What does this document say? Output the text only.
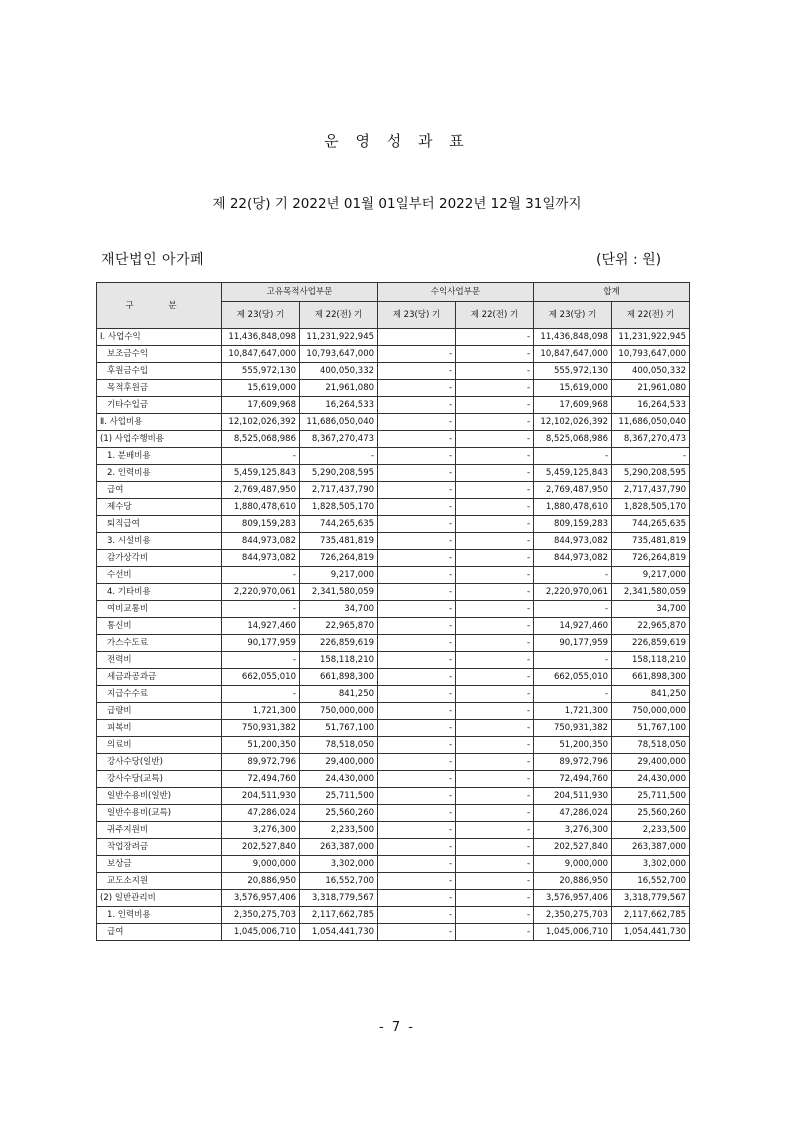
운 영 성 과 표
제 22(당) 기 2022년 01월 01일부터 2022년 12월 31일까지
재단법인 아가페	(단위 : 원)
구 분	고유목적사업부문		수익사업부문		합계	
	제 23(당) 기	제 22(전) 기	제 23(당) 기	제 22(전) 기	제 23(당) 기	제 22(전) 기
Ⅰ. 사업수익	11,436,848,098	11,231,922,945		-	11,436,848,098	11,231,922,945
보조금수익	10,847,647,000	10,793,647,000	-	-	10,847,647,000	10,793,647,000
후원금수입	555,972,130	400,050,332	-	-	555,972,130	400,050,332
목적후원금	15,619,000	21,961,080	-	-	15,619,000	21,961,080
기타수입금	17,609,968	16,264,533	-	-	17,609,968	16,264,533
Ⅱ. 사업비용	12,102,026,392	11,686,050,040	-	-	12,102,026,392	11,686,050,040
(1) 사업수행비용	8,525,068,986	8,367,270,473	-	-	8,525,068,986	8,367,270,473
1. 분배비용	-	-	-	-	-	-
2. 인력비용	5,459,125,843	5,290,208,595	-	-	5,459,125,843	5,290,208,595
급여	2,769,487,950	2,717,437,790	-	-	2,769,487,950	2,717,437,790
제수당	1,880,478,610	1,828,505,170	-	-	1,880,478,610	1,828,505,170
퇴직급여	809,159,283	744,265,635	-	-	809,159,283	744,265,635
3. 시설비용	844,973,082	735,481,819	-	-	844,973,082	735,481,819
감가상각비	844,973,082	726,264,819	-	-	844,973,082	726,264,819
수선비	-	9,217,000	-	-	-	9,217,000
4. 기타비용	2,220,970,061	2,341,580,059	-	-	2,220,970,061	2,341,580,059
여비교통비	-	34,700	-	-	-	34,700
통신비	14,927,460	22,965,870	-	-	14,927,460	22,965,870
가스수도료	90,177,959	226,859,619	-	-	90,177,959	226,859,619
전력비	-	158,118,210	-	-	-	158,118,210
세금과공과금	662,055,010	661,898,300	-	-	662,055,010	661,898,300
지급수수료	-	841,250	-	-	-	841,250
급량비	1,721,300	750,000,000	-	-	1,721,300	750,000,000
피복비	750,931,382	51,767,100	-	-	750,931,382	51,767,100
의료비	51,200,350	78,518,050	-	-	51,200,350	78,518,050
강사수당(일반)	89,972,796	29,400,000	-	-	89,972,796	29,400,000
강사수당(교특)	72,494,760	24,430,000	-	-	72,494,760	24,430,000
일반수용비(일반)	204,511,930	25,711,500	-	-	204,511,930	25,711,500
일반수용비(교특)	47,286,024	25,560,260	-	-	47,286,024	25,560,260
귀주지원비	3,276,300	2,233,500	-	-	3,276,300	2,233,500
작업장려금	202,527,840	263,387,000	-	-	202,527,840	263,387,000
보상금	9,000,000	3,302,000	-	-	9,000,000	3,302,000
교도소지원	20,886,950	16,552,700	-	-	20,886,950	16,552,700
(2) 일반관리비	3,576,957,406	3,318,779,567	-	-	3,576,957,406	3,318,779,567
1. 인력비용	2,350,275,703	2,117,662,785	-	-	2,350,275,703	2,117,662,785
급여	1,045,006,710	1,054,441,730	-	-	1,045,006,710	1,054,441,730
- 7 -
